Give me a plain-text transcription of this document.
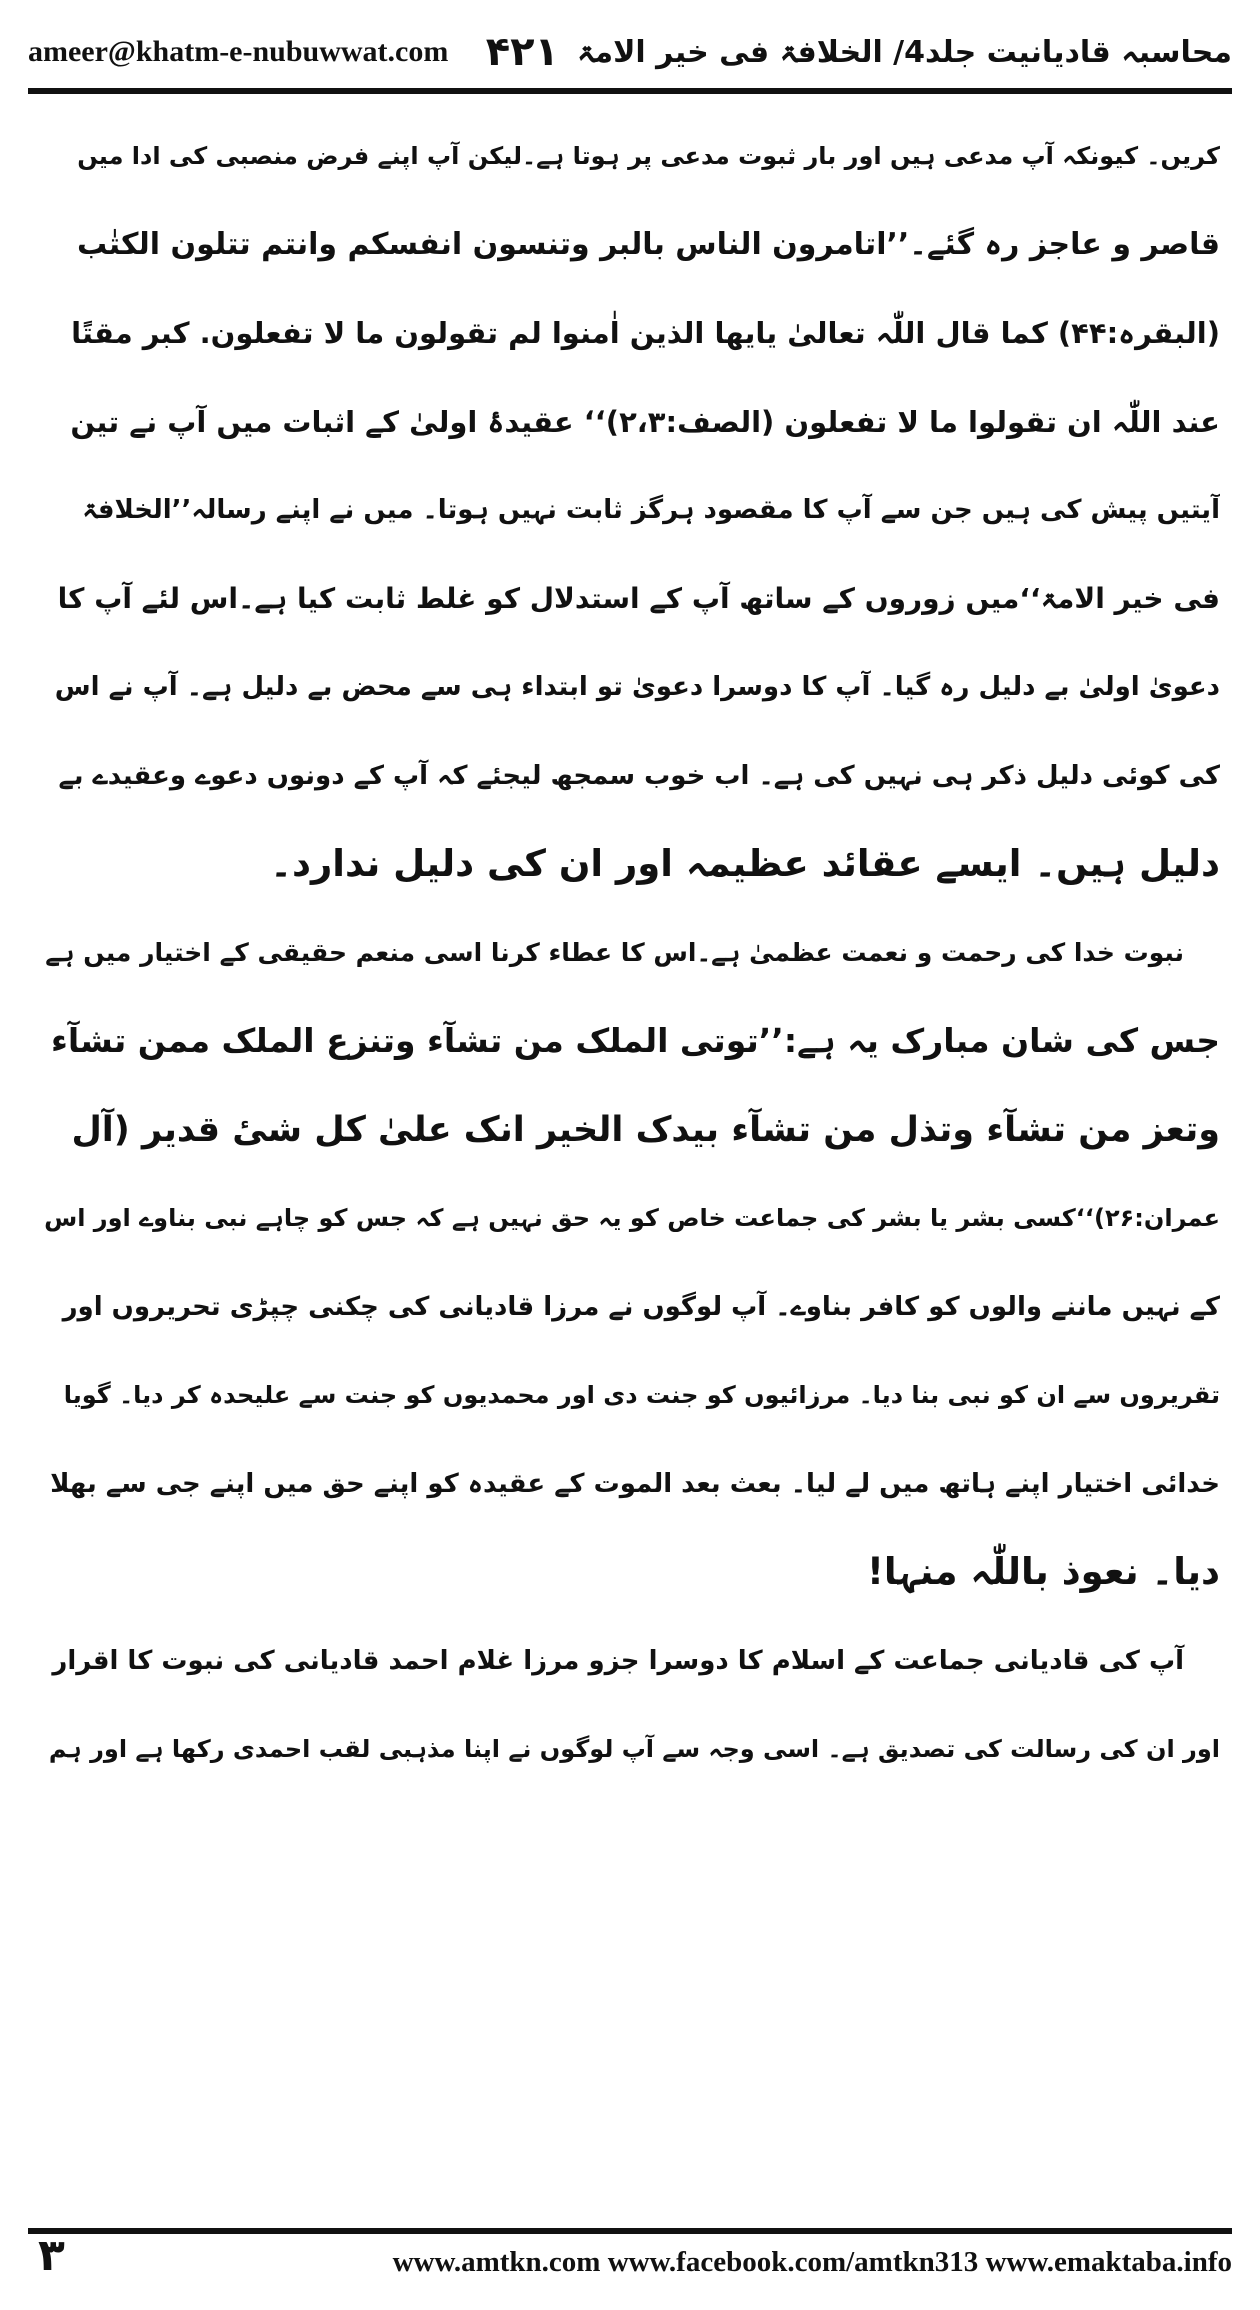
ameer@khatm-e-nubuwwat.com	محاسبہ قادیانیت جلد4/ الخلافۃ فی خیر الامۃ
۴۲۱
کریں۔ کیونکہ آپ مدعی ہیں اور بار ثبوت مدعی پر ہوتا ہے۔لیکن آپ اپنے فرض منصبی کی ادا میں
قاصر و عاجز رہ گئے۔’’اتامرون الناس بالبر وتنسون انفسکم وانتم تتلون الکتٰب
(البقرہ:۴۴) کما قال اللّٰہ تعالیٰ یایھا الذین اٰمنوا لم تقولون ما لا تفعلون. کبر مقتًا
عند اللّٰہ ان تقولوا ما لا تفعلون (الصف:۲،۳)‘‘ عقیدۂ اولیٰ کے اثبات میں آپ نے تین
آیتیں پیش کی ہیں جن سے آپ کا مقصود ہرگز ثابت نہیں ہوتا۔ میں نے اپنے رسالہ’’الخلافۃ
فی خیر الامۃ‘‘میں زوروں کے ساتھ آپ کے استدلال کو غلط ثابت کیا ہے۔اس لئے آپ کا
دعویٰ اولیٰ بے دلیل رہ گیا۔ آپ کا دوسرا دعویٰ تو ابتداء ہی سے محض بے دلیل ہے۔ آپ نے اس
کی کوئی دلیل ذکر ہی نہیں کی ہے۔ اب خوب سمجھ لیجئے کہ آپ کے دونوں دعوے وعقیدے بے
دلیل ہیں۔ ایسے عقائد عظیمہ اور ان کی دلیل ندارد۔
نبوت خدا کی رحمت و نعمت عظمیٰ ہے۔اس کا عطاء کرنا اسی منعم حقیقی کے اختیار میں ہے
جس کی شان مبارک یہ ہے:’’توتی الملک من تشآء وتنزع الملک ممن تشآء
وتعز من تشآء وتذل من تشآء بیدک الخیر انک علیٰ کل شیٔ قدیر (آل
عمران:۲۶)‘‘کسی بشر یا بشر کی جماعت خاص کو یہ حق نہیں ہے کہ جس کو چاہے نبی بناوے اور اس
کے نہیں ماننے والوں کو کافر بناوے۔ آپ لوگوں نے مرزا قادیانی کی چکنی چپڑی تحریروں اور
تقریروں سے ان کو نبی بنا دیا۔ مرزائیوں کو جنت دی اور محمدیوں کو جنت سے علیحدہ کر دیا۔ گویا
خدائی اختیار اپنے ہاتھ میں لے لیا۔ بعث بعد الموت کے عقیدہ کو اپنے حق میں اپنے جی سے بھلا
دیا۔ نعوذ باللّٰہ منہا!
آپ کی قادیانی جماعت کے اسلام کا دوسرا جزو مرزا غلام احمد قادیانی کی نبوت کا اقرار
اور ان کی رسالت کی تصدیق ہے۔ اسی وجہ سے آپ لوگوں نے اپنا مذہبی لقب احمدی رکھا ہے اور ہم
۳	www.amtkn.com www.facebook.com/amtkn313 www.emaktaba.info
